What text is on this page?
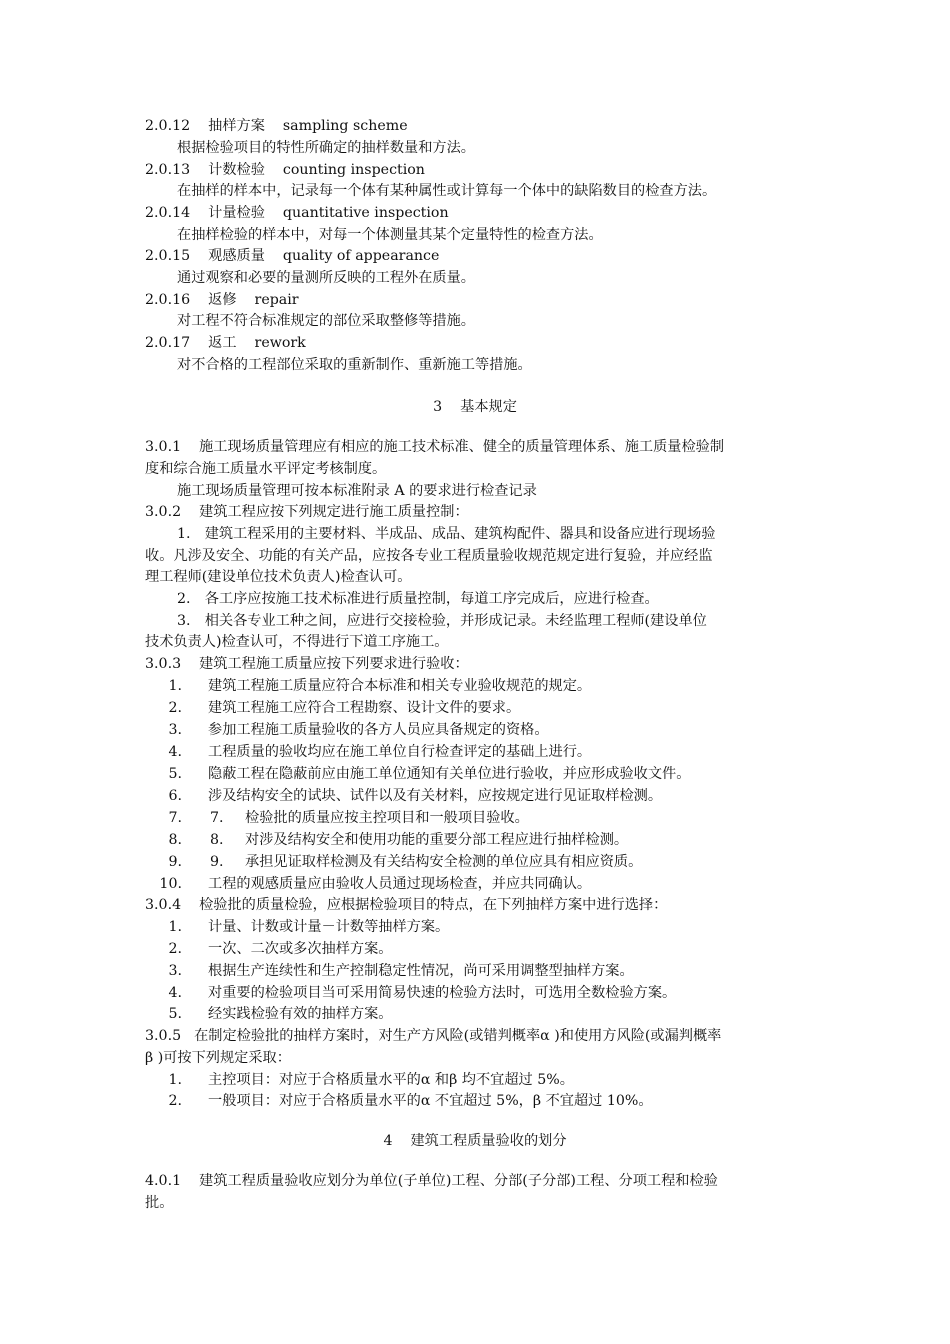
2.0.12 抽样方案 sampling scheme
根据检验项目的特性所确定的抽样数量和方法。
2.0.13 计数检验 counting inspection
在抽样的样本中，记录每一个体有某种属性或计算每一个体中的缺陷数目的检查方法。
2.0.14 计量检验 quantitative inspection
在抽样检验的样本中，对每一个体测量其某个定量特性的检查方法。
2.0.15 观感质量 quality of appearance
通过观察和必要的量测所反映的工程外在质量。
2.0.16 返修 repair
对工程不符合标准规定的部位采取整修等措施。
2.0.17 返工 rework
对不合格的工程部位采取的重新制作、重新施工等措施。
3 基本规定
3.0.1 施工现场质量管理应有相应的施工技术标准、健全的质量管理体系、施工质量检验制
度和综合施工质量水平评定考核制度。
施工现场质量管理可按本标准附录 A 的要求进行检查记录
3.0.2 建筑工程应按下列规定进行施工质量控制：
1.　建筑工程采用的主要材料、半成品、成品、建筑构配件、器具和设备应进行现场验
收。凡涉及安全、功能的有关产品，应按各专业工程质量验收规范规定进行复验，并应经监
理工程师(建设单位技术负责人)检查认可。
2.　各工序应按施工技术标准进行质量控制，每道工序完成后，应进行检查。
3.　相关各专业工种之间，应进行交接检验，并形成记录。未经监理工程师(建设单位
技术负责人)检查认可，不得进行下道工序施工。
3.0.3 建筑工程施工质量应按下列要求进行验收：
1. 建筑工程施工质量应符合本标准和相关专业验收规范的规定。
2. 建筑工程施工应符合工程勘察、设计文件的要求。
3. 参加工程施工质量验收的各方人员应具备规定的资格。
4. 工程质量的验收均应在施工单位自行检查评定的基础上进行。
5. 隐蔽工程在隐蔽前应由施工单位通知有关单位进行验收，并应形成验收文件。
6. 涉及结构安全的试块、试件以及有关材料，应按规定进行见证取样检测。
7. 7. 检验批的质量应按主控项目和一般项目验收。
8. 8. 对涉及结构安全和使用功能的重要分部工程应进行抽样检测。
9. 9. 承担见证取样检测及有关结构安全检测的单位应具有相应资质。
10. 工程的观感质量应由验收人员通过现场检查，并应共同确认。
3.0.4 检验批的质量检验，应根据检验项目的特点，在下列抽样方案中进行选择：
1. 计量、计数或计量－计数等抽样方案。
2. 一次、二次或多次抽样方案。
3. 根据生产连续性和生产控制稳定性情况，尚可采用调整型抽样方案。
4. 对重要的检验项目当可采用简易快速的检验方法时，可选用全数检验方案。
5. 经实践检验有效的抽样方案。
3.0.5 在制定检验批的抽样方案时，对生产方风险(或错判概率α )和使用方风险(或漏判概率
β )可按下列规定采取：
1. 主控项目：对应于合格质量水平的α 和β 均不宜超过 5%。
2. 一般项目：对应于合格质量水平的α 不宜超过 5%，β 不宜超过 10%。
4 建筑工程质量验收的划分
4.0.1 建筑工程质量验收应划分为单位(子单位)工程、分部(子分部)工程、分项工程和检验
批。
